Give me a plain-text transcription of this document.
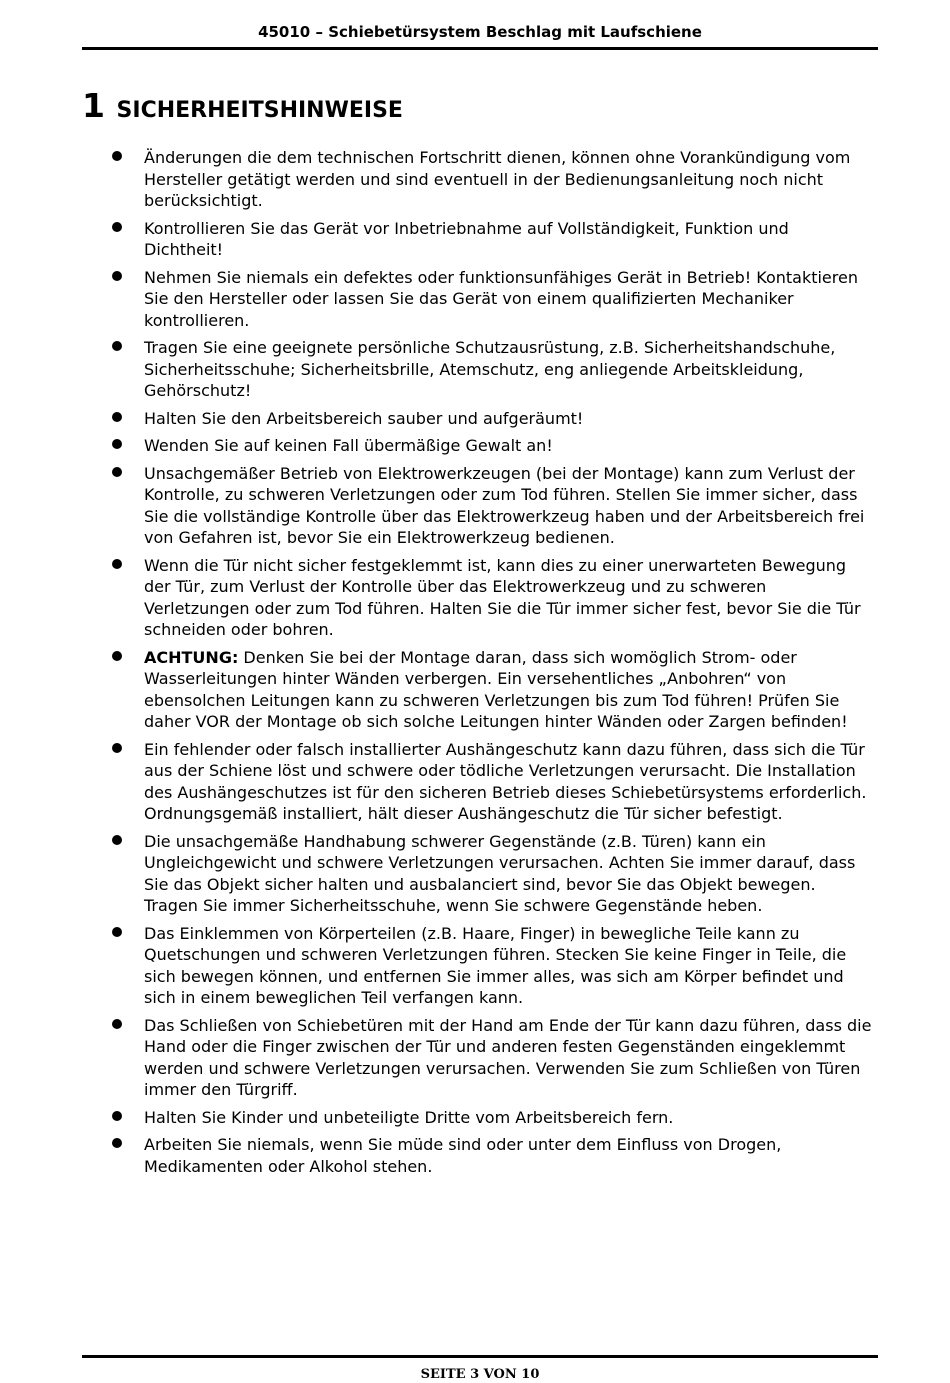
45010 – Schiebetürsystem Beschlag mit Laufschiene
1 SICHERHEITSHINWEISE
Änderungen die dem technischen Fortschritt dienen, können ohne Vorankündigung vom Hersteller getätigt werden und sind eventuell in der Bedienungsanleitung noch nicht berücksichtigt.
Kontrollieren Sie das Gerät vor Inbetriebnahme auf Vollständigkeit, Funktion und Dichtheit!
Nehmen Sie niemals ein defektes oder funktionsunfähiges Gerät in Betrieb! Kontaktieren Sie den Hersteller oder lassen Sie das Gerät von einem qualifizierten Mechaniker kontrollieren.
Tragen Sie eine geeignete persönliche Schutzausrüstung, z.B. Sicherheitshandschuhe, Sicherheitsschuhe; Sicherheitsbrille, Atemschutz, eng anliegende Arbeitskleidung, Gehörschutz!
Halten Sie den Arbeitsbereich sauber und aufgeräumt!
Wenden Sie auf keinen Fall übermäßige Gewalt an!
Unsachgemäßer Betrieb von Elektrowerkzeugen (bei der Montage) kann zum Verlust der Kontrolle, zu schweren Verletzungen oder zum Tod führen. Stellen Sie immer sicher, dass Sie die vollständige Kontrolle über das Elektrowerkzeug haben und der Arbeitsbereich frei von Gefahren ist, bevor Sie ein Elektrowerkzeug bedienen.
Wenn die Tür nicht sicher festgeklemmt ist, kann dies zu einer unerwarteten Bewegung der Tür, zum Verlust der Kontrolle über das Elektrowerkzeug und zu schweren Verletzungen oder zum Tod führen. Halten Sie die Tür immer sicher fest, bevor Sie die Tür schneiden oder bohren.
ACHTUNG: Denken Sie bei der Montage daran, dass sich womöglich Strom- oder Wasserleitungen hinter Wänden verbergen. Ein versehentliches „Anbohren“ von ebensolchen Leitungen kann zu schweren Verletzungen bis zum Tod führen! Prüfen Sie daher VOR der Montage ob sich solche Leitungen hinter Wänden oder Zargen befinden!
Ein fehlender oder falsch installierter Aushängeschutz kann dazu führen, dass sich die Tür aus der Schiene löst und schwere oder tödliche Verletzungen verursacht. Die Installation des Aushängeschutzes ist für den sicheren Betrieb dieses Schiebetürsystems erforderlich. Ordnungsgemäß installiert, hält dieser Aushängeschutz die Tür sicher befestigt.
Die unsachgemäße Handhabung schwerer Gegenstände (z.B. Türen) kann ein Ungleichgewicht und schwere Verletzungen verursachen. Achten Sie immer darauf, dass Sie das Objekt sicher halten und ausbalanciert sind, bevor Sie das Objekt bewegen. Tragen Sie immer Sicherheitsschuhe, wenn Sie schwere Gegenstände heben.
Das Einklemmen von Körperteilen (z.B. Haare, Finger) in bewegliche Teile kann zu Quetschungen und schweren Verletzungen führen. Stecken Sie keine Finger in Teile, die sich bewegen können, und entfernen Sie immer alles, was sich am Körper befindet und sich in einem beweglichen Teil verfangen kann.
Das Schließen von Schiebetüren mit der Hand am Ende der Tür kann dazu führen, dass die Hand oder die Finger zwischen der Tür und anderen festen Gegenständen eingeklemmt werden und schwere Verletzungen verursachen. Verwenden Sie zum Schließen von Türen immer den Türgriff.
Halten Sie Kinder und unbeteiligte Dritte vom Arbeitsbereich fern.
Arbeiten Sie niemals, wenn Sie müde sind oder unter dem Einfluss von Drogen, Medikamenten oder Alkohol stehen.
SEITE 3 VON 10
